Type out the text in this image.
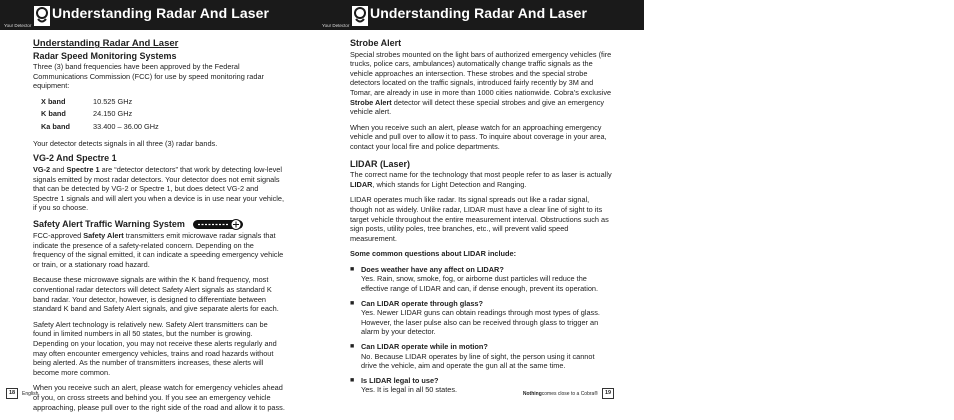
Your Detector
Understanding Radar And Laser
Understanding Radar And Laser
Radar Speed Monitoring Systems

Three (3) band frequencies have been approved by the Federal Communications Commission (FCC) for use by speed monitoring radar equipment:

X band	10.525 GHz
K band	24.150 GHz
Ka band	33.400 – 36.00 GHz

Your detector detects signals in all three (3) radar bands.

VG-2 And Spectre 1

VG-2 and Spectre 1 are “detector detectors” that work by detecting low-level signals emitted by most radar detectors. Your detector does not emit signals that can be detected by VG-2 or Spectre 1, but does detect VG-2 and Spectre 1 signals and will alert you when a device is in use near your vehicle, if you so choose.

Safety Alert Traffic Warning System

FCC-approved Safety Alert transmitters emit microwave radar signals that indicate the presence of a safety-related concern. Depending on the frequency of the signal emitted, it can indicate a speeding emergency vehicle or train, or a stationary road hazard.

Because these microwave signals are within the K band frequency, most conventional radar detectors will detect Safety Alert signals as standard K band radar. Your detector, however, is designed to differentiate between standard K band and Safety Alert signals, and give separate alerts for each.

Safety Alert technology is relatively new. Safety Alert transmitters can be found in limited numbers in all 50 states, but the number is growing. Depending on your location, you may not receive these alerts regularly and may often encounter emergency vehicles, trains and road hazards without being alerted. As the number of transmitters increases, these alerts will become more common.

When you receive such an alert, please watch for emergency vehicles ahead of you, on cross streets and behind you. If you see an emergency vehicle approaching, please pull over to the right side of the road and allow it to pass.

18	English
Your Detector
Understanding Radar And Laser
Strobe Alert

Special strobes mounted on the light bars of authorized emergency vehicles (fire trucks, police cars, ambulances) automatically change traffic signals as the vehicle approaches an intersection. These strobes and the special strobe detectors located on the traffic signals, introduced fairly recently by 3M and Tomar, are already in use in more than 1000 cities nationwide. Cobra’s exclusive Strobe Alert detector will detect these special strobes and give an emergency vehicle alert.

When you receive such an alert, please watch for an approaching emergency vehicle and pull over to allow it to pass. To inquire about coverage in your area, contact your local fire and police departments.

LIDAR (Laser)

The correct name for the technology that most people refer to as laser is actually LIDAR, which stands for Light Detection and Ranging.

LIDAR operates much like radar. Its signal spreads out like a radar signal, though not as widely. Unlike radar, LIDAR must have a clear line of sight to its target vehicle throughout the entire measurement interval. Obstructions such as sign posts, utility poles, tree branches, etc., will prevent valid speed measurement.

Some common questions about LIDAR include:
■ Does weather have any affect on LIDAR?
Yes. Rain, snow, smoke, fog, or airborne dust particles will reduce the effective range of LIDAR and can, if dense enough, prevent its operation.
■ Can LIDAR operate through glass?
Yes. Newer LIDAR guns can obtain readings through most types of glass. However, the laser pulse also can be received through glass to trigger an alarm by your detector.
■ Can LIDAR operate while in motion?
No. Because LIDAR operates by line of sight, the person using it cannot drive the vehicle, aim and operate the gun all at the same time.
■ Is LIDAR legal to use?
Yes. It is legal in all 50 states.	Nothing comes close to a Cobra®	19
